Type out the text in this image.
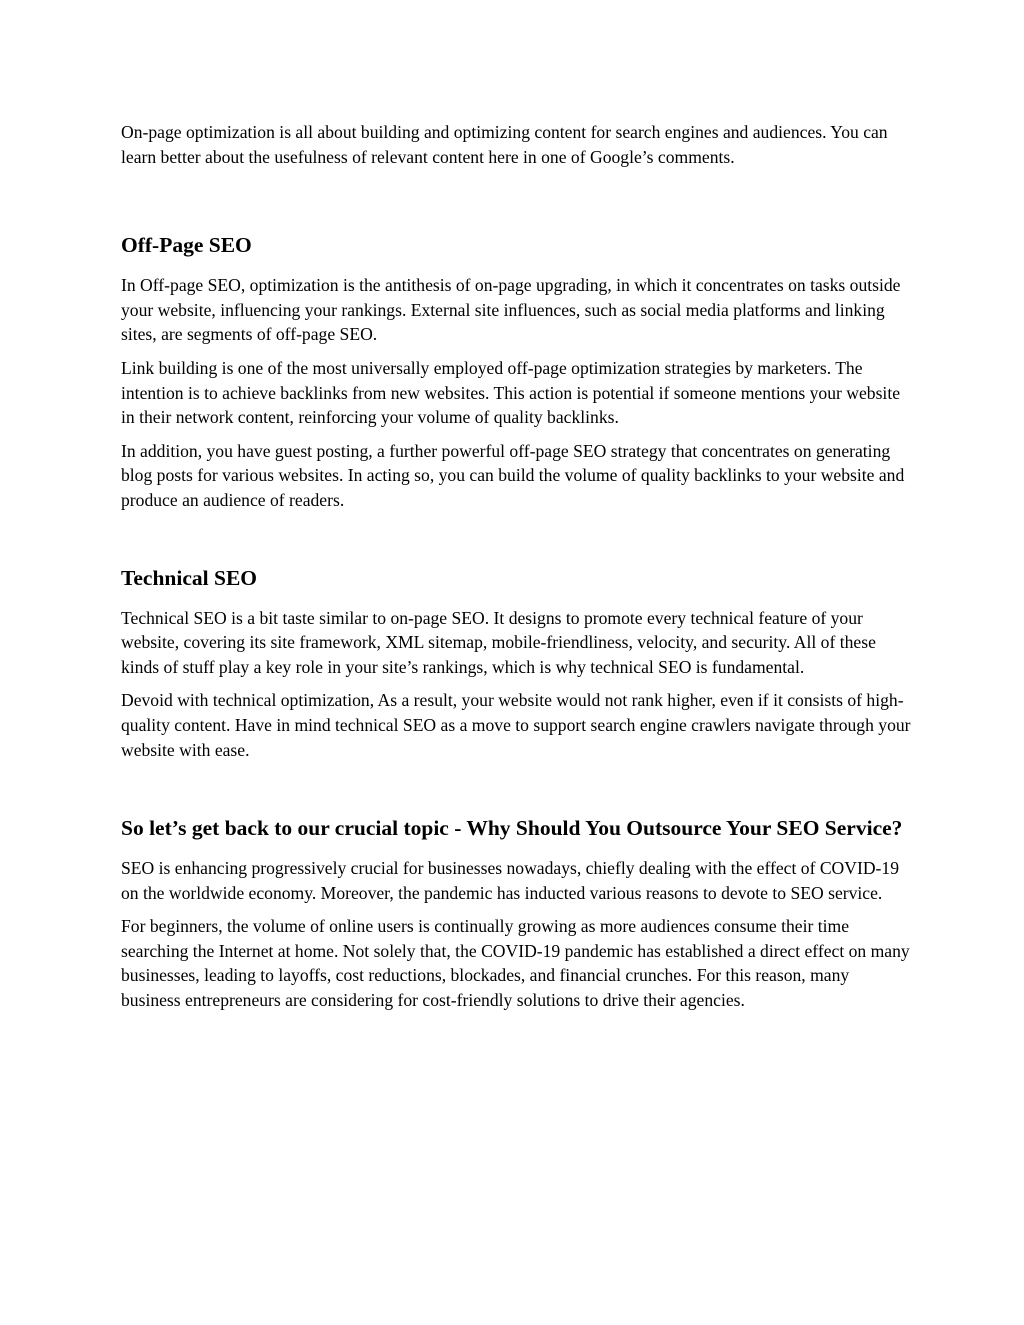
On-page optimization is all about building and optimizing content for search engines and audiences. You can learn better about the usefulness of relevant content here in one of Google’s comments.

Off-Page SEO

In Off-page SEO, optimization is the antithesis of on-page upgrading, in which it concentrates on tasks outside your website, influencing your rankings. External site influences, such as social media platforms and linking sites, are segments of off-page SEO.

Link building is one of the most universally employed off-page optimization strategies by marketers. The intention is to achieve backlinks from new websites. This action is potential if someone mentions your website in their network content, reinforcing your volume of quality backlinks.

In addition, you have guest posting, a further powerful off-page SEO strategy that concentrates on generating blog posts for various websites. In acting so, you can build the volume of quality backlinks to your website and produce an audience of readers.

Technical SEO

Technical SEO is a bit taste similar to on-page SEO. It designs to promote every technical feature of your website, covering its site framework, XML sitemap, mobile-friendliness, velocity, and security. All of these kinds of stuff play a key role in your site’s rankings, which is why technical SEO is fundamental.

Devoid with technical optimization, As a result, your website would not rank higher, even if it consists of high-quality content. Have in mind technical SEO as a move to support search engine crawlers navigate through your website with ease.

So let’s get back to our crucial topic - Why Should You Outsource Your SEO Service?

SEO is enhancing progressively crucial for businesses nowadays, chiefly dealing with the effect of COVID-19 on the worldwide economy. Moreover, the pandemic has inducted various reasons to devote to SEO service.

For beginners, the volume of online users is continually growing as more audiences consume their time searching the Internet at home. Not solely that, the COVID-19 pandemic has established a direct effect on many businesses, leading to layoffs, cost reductions, blockades, and financial crunches. For this reason, many business entrepreneurs are considering for cost-friendly solutions to drive their agencies.
